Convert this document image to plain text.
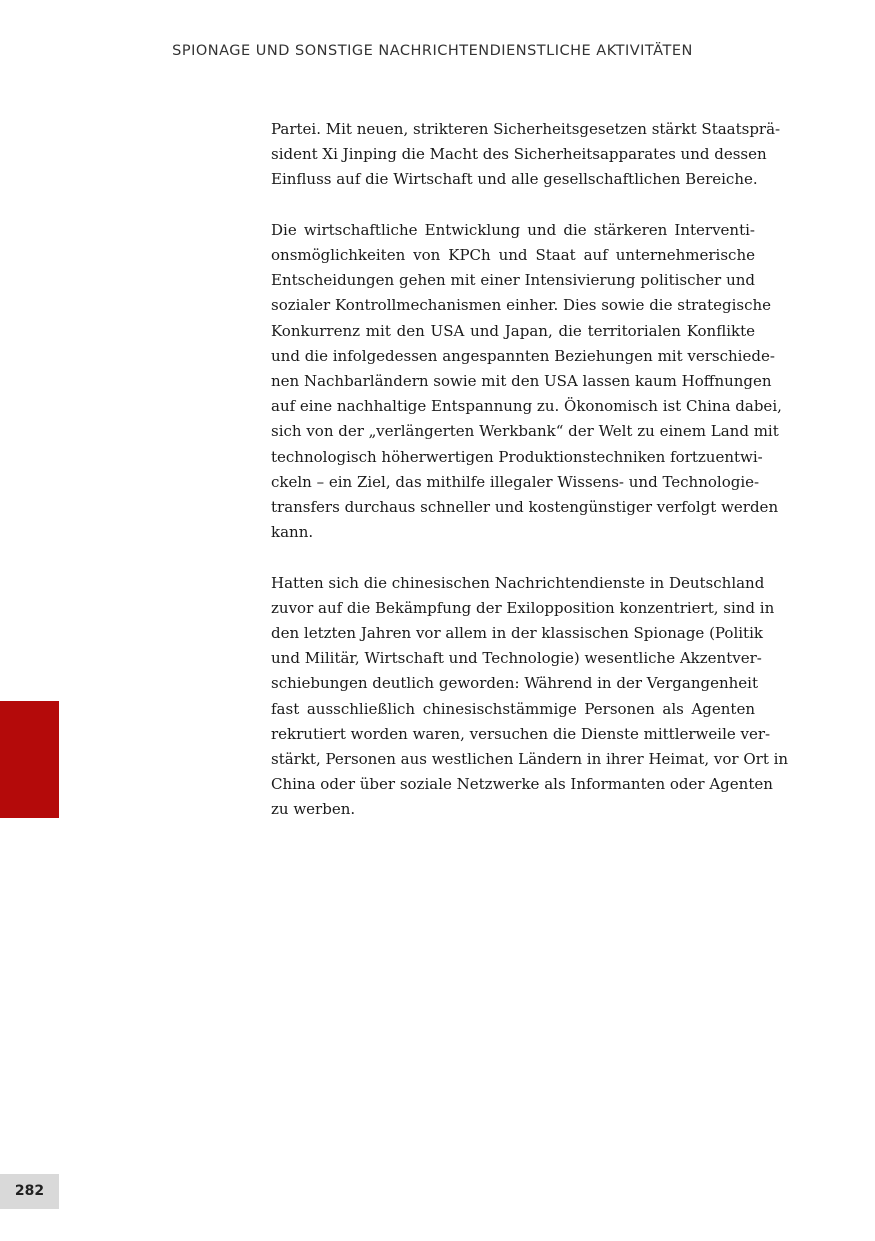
SPIONAGE UND SONSTIGE NACHRICHTENDIENSTLICHE AKTIVITÄTEN

Partei. Mit neuen, strikteren Sicherheitsgesetzen stärkt Staatsprä-
sident Xi Jinping die Macht des Sicherheitsapparates und dessen
Einfluss auf die Wirtschaft und alle gesellschaftlichen Bereiche.

Die wirtschaftliche Entwicklung und die stärkeren Interventi-
onsmöglichkeiten von KPCh und Staat auf unternehmerische
Entscheidungen gehen mit einer Intensivierung politischer und
sozialer Kontrollmechanismen einher. Dies sowie die strategische
Konkurrenz mit den USA und Japan, die territorialen Konflikte
und die infolgedessen angespannten Beziehungen mit verschiede-
nen Nachbarländern sowie mit den USA lassen kaum Hoffnungen
auf eine nachhaltige Entspannung zu. Ökonomisch ist China dabei,
sich von der „verlängerten Werkbank“ der Welt zu einem Land mit
technologisch höherwertigen Produktionstechniken fortzuentwi-
ckeln – ein Ziel, das mithilfe illegaler Wissens- und Technologie-
transfers durchaus schneller und kostengünstiger verfolgt werden
kann.

Hatten sich die chinesischen Nachrichtendienste in Deutschland
zuvor auf die Bekämpfung der Exilopposition konzentriert, sind in
den letzten Jahren vor allem in der klassischen Spionage (Politik
und Militär, Wirtschaft und Technologie) wesentliche Akzentver-
schiebungen deutlich geworden: Während in der Vergangenheit
fast ausschließlich chinesischstämmige Personen als Agenten
rekrutiert worden waren, versuchen die Dienste mittlerweile ver-
stärkt, Personen aus westlichen Ländern in ihrer Heimat, vor Ort in
China oder über soziale Netzwerke als Informanten oder Agenten
zu werben.

282
